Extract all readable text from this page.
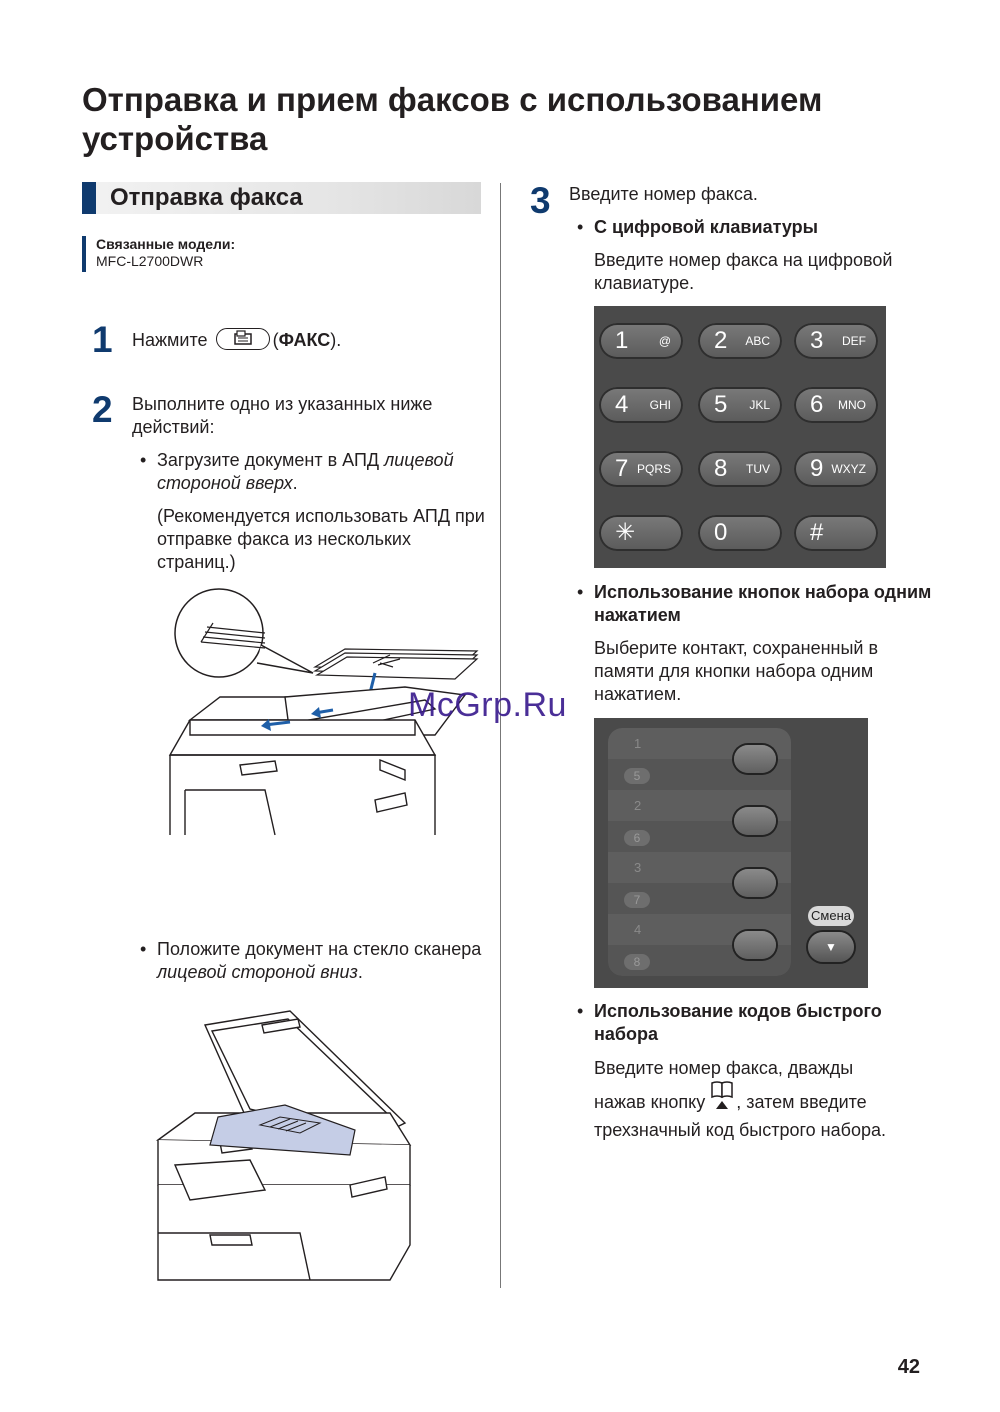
Отправка и прием факсов с использованием устройства
Отправка факса
Связанные модели:
MFC-L2700DWR
1 Нажмите	(ФАКС).
2 Выполните одно из указанных ниже действий:
• Загрузите документ в АПД лицевой стороной вверх.
(Рекомендуется использовать АПД при отправке факса из нескольких страниц.)
• Положите документ на стекло сканера лицевой стороной вниз.
3 Введите номер факса.
• С цифровой клавиатуры
Введите номер факса на цифровой клавиатуре.
1	@ 2 ABC 3 DEF
4 GHI 5 JKL 6 MNO
7 PQRS 8 TUV 9 WXYZ
✳	0	#
• Использование кнопок набора одним нажатием
Выберите контакт, сохраненный в памяти для кнопки набора одним нажатием.
1
5
2
6
3
7
4
8
Смена
▼
• Использование кодов быстрого набора
Введите номер факса, дважды
нажав кнопку , затем введите
трехзначный код быстрого набора.
McGrp.Ru
42
